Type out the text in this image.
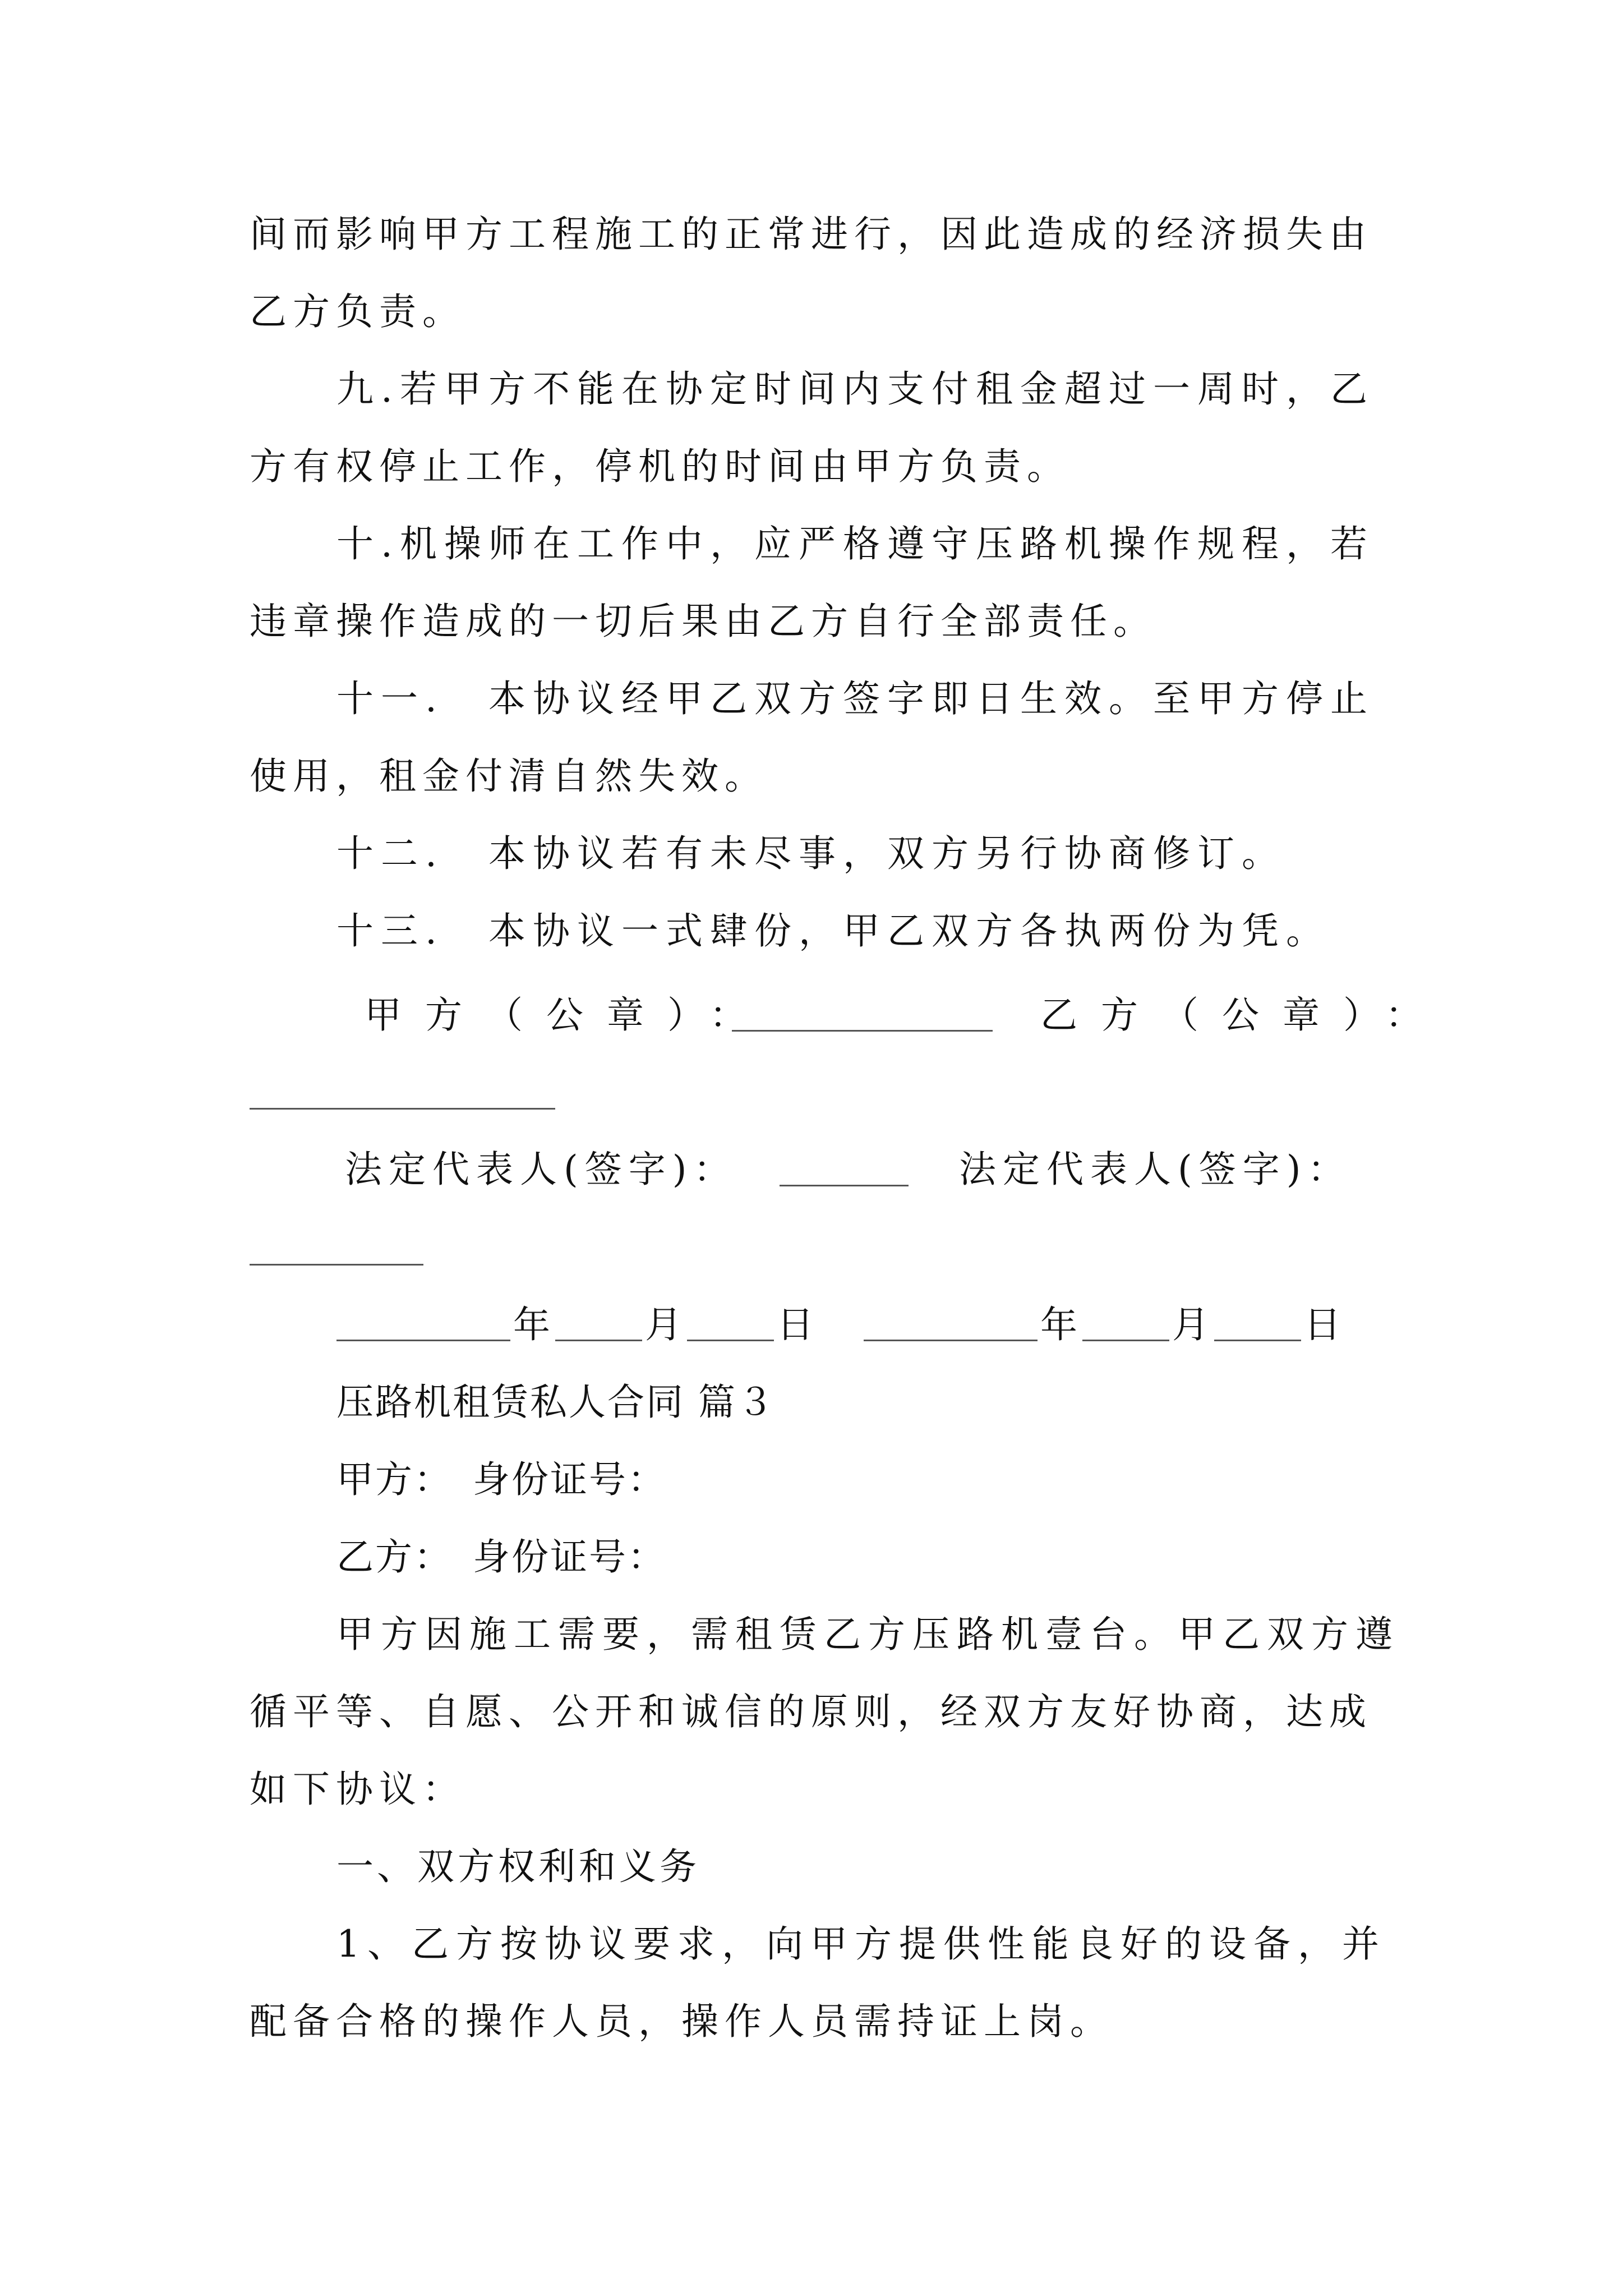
间而影响甲方工程施工的正常进行，因此造成的经济损失由
乙方负责。
九.若甲方不能在协定时间内支付租金超过一周时，乙
方有权停止工作，停机的时间由甲方负责。
十.机操师在工作中，应严格遵守压路机操作规程，若
违章操作造成的一切后果由乙方自行全部责任。
十一.　本协议经甲乙双方签字即日生效。至甲方停止
使用，租金付清自然失效。
十二.　本协议若有未尽事，双方另行协商修订。
十三.　本协议一式肆份，甲乙双方各执两份为凭。
甲方（公章）：	乙方（公章）：
法定代表人(签字)：	法定代表人(签字)：
年	月	日	年	月	日
压路机租赁私人合同 篇３
甲方：　身份证号：
乙方：　身份证号：
甲方因施工需要，需租赁乙方压路机壹台。甲乙双方遵
循平等、自愿、公开和诚信的原则，经双方友好协商，达成
如下协议：
一、双方权利和义务
1、乙方按协议要求，向甲方提供性能良好的设备，并
配备合格的操作人员，操作人员需持证上岗。
